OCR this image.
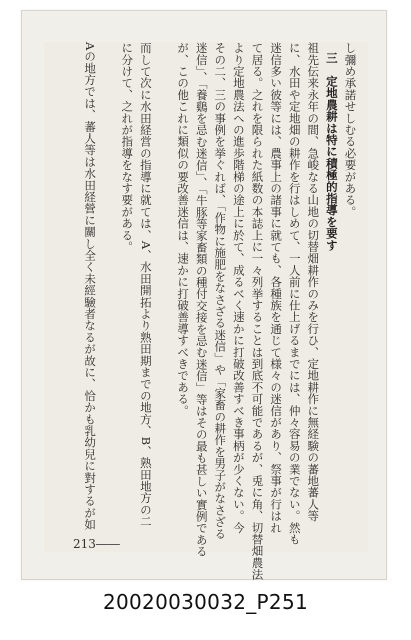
し彌め承諾せしむる必要がある。
三　定地農耕は特に積極的指導を要す
祖先伝来永年の間、急峻なる山地の切替畑耕作のみを行ひ、定地耕作に無経験の蕃地蕃人等
に、水田や定地畑の耕作を行はしめて、一人前に仕上げるまでには、仲々容易の業でない。然も
迷信多い彼等には、農事上の諸事に就ても、各種族を通じて様々の迷信があり、祭事が行はれ
て居る。之れを限られた紙数の本誌上に一々列挙することは到底不可能であるが、兎に角、切替畑農法
より定地農法への進歩階梯の途上に於て、成るべく速かに打破改善すべき事柄が少くない。今
その二、三の事例を挙ぐれば、「作物に施肥をなさざる迷信」や「家畜の耕作を男子がなさざる
迷信」、「養鷄を忌む迷信」、「牛豚等家畜類の種付交接を忌む迷信」等はその最も甚しい實例である
が、この他これに類似の要改善迷信は、速かに打破善導すべきである。
而して次に水田経営の指導に就ては、A、水田開拓より熟田期までの地方、B、熟田地方の二
に分けて、之れが指導をなす要がある。
Aの地方では、蕃人等は水田経營に關し全く未經驗者なるが故に、恰かも乳幼兒に對するが如
213――
20020030032_P251
